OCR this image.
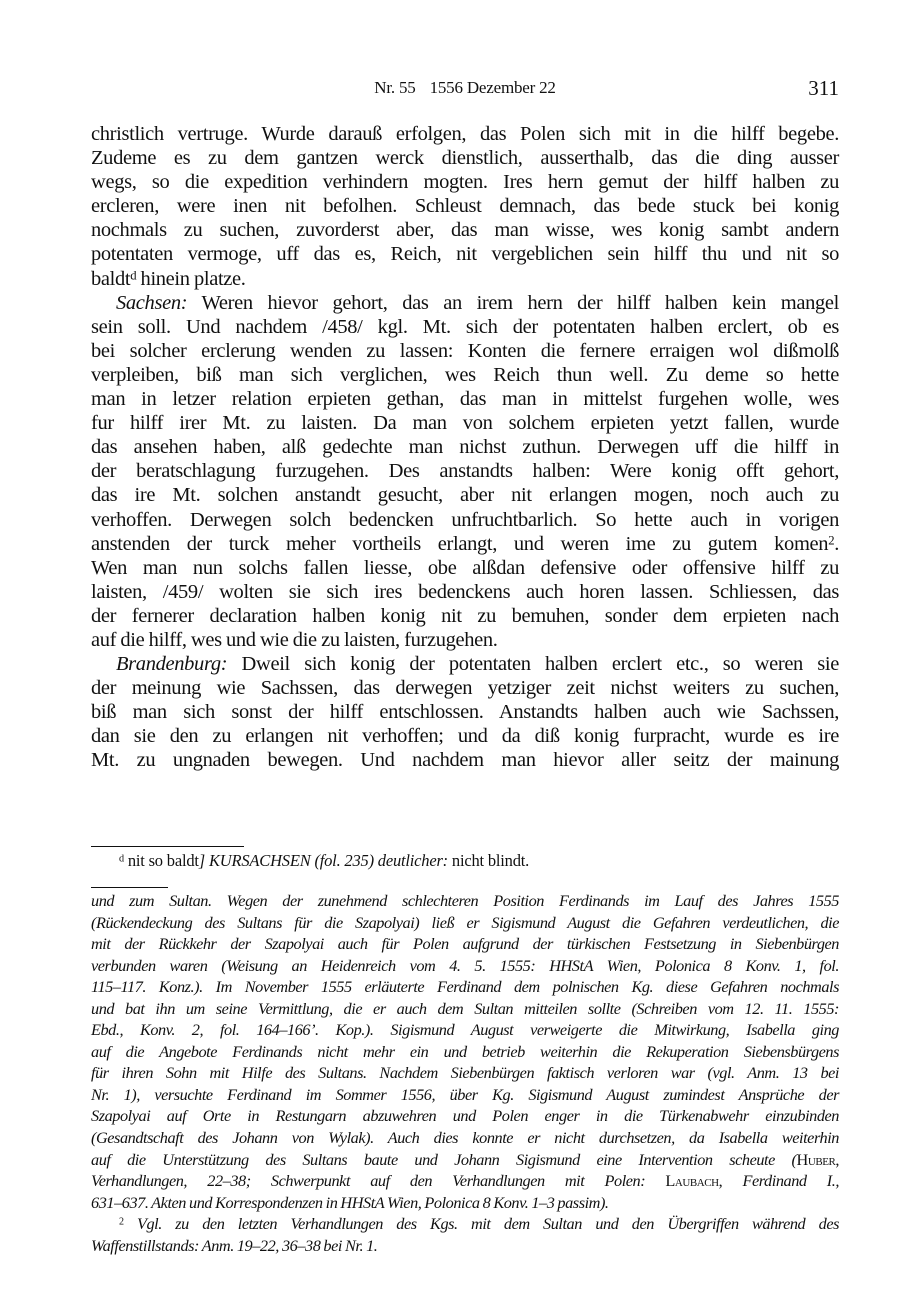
Nr. 55 1556 Dezember 22	311
christlich vertruge. Wurde darauß erfolgen, das Polen sich mit in die hilff begebe.
Zudeme es zu dem gantzen werck dienstlich, ausserthalb, das die ding ausser
wegs, so die expedition verhindern mogten. Ires hern gemut der hilff halben zu
ercleren, were inen nit befolhen. Schleust demnach, das bede stuck bei konig
nochmals zu suchen, zuvorderst aber, das man wisse, wes konig sambt andern
potentaten vermoge, uff das es, Reich, nit vergeblichen sein hilff thu und nit so
baldt$^d$ hinein platze.
Sachsen: Weren hievor gehort, das an irem hern der hilff halben kein mangel
sein soll. Und nachdem /458/ kgl. Mt. sich der potentaten halben erclert, ob es
bei solcher erclerung wenden zu lassen: Konten die fernere erraigen wol dißmolß
verpleiben, biß man sich verglichen, wes Reich thun well. Zu deme so hette
man in letzer relation erpieten gethan, das man in mittelst furgehen wolle, wes
fur hilff irer Mt. zu laisten. Da man von solchem erpieten yetzt fallen, wurde
das ansehen haben, alß gedechte man nichst zuthun. Derwegen uff die hilff in
der beratschlagung furzugehen. Des anstandts halben: Were konig offt gehort,
das ire Mt. solchen anstandt gesucht, aber nit erlangen mogen, noch auch zu
verhoffen. Derwegen solch bedencken unfruchtbarlich. So hette auch in vorigen
anstenden der turck meher vortheils erlangt, und weren ime zu gutem komen$^2$.
Wen man nun solchs fallen liesse, obe alßdan defensive oder offensive hilff zu
laisten, /459/ wolten sie sich ires bedenckens auch horen lassen. Schliessen, das
der fernerer declaration halben konig nit zu bemuhen, sonder dem erpieten nach
auf die hilff, wes und wie die zu laisten, furzugehen.
Brandenburg: Dweil sich konig der potentaten halben erclert etc., so weren sie
der meinung wie Sachssen, das derwegen yetziger zeit nichst weiters zu suchen,
biß man sich sonst der hilff entschlossen. Anstandts halben auch wie Sachssen,
dan sie den zu erlangen nit verhoffen; und da diß konig furpracht, wurde es ire
Mt. zu ungnaden bewegen. Und nachdem man hievor aller seitz der mainung
$^d$ nit so baldt] KURSACHSEN (fol. 235) deutlicher: nicht blindt.
und zum Sultan. Wegen der zunehmend schlechteren Position Ferdinands im Lauf des Jahres 1555
(Rückendeckung des Sultans für die Szapolyai) ließ er Sigismund August die Gefahren verdeutlichen, die
mit der Rückkehr der Szapolyai auch für Polen aufgrund der türkischen Festsetzung in Siebenbürgen
verbunden waren (Weisung an Heidenreich vom 4. 5. 1555: HHStA Wien, Polonica 8 Konv. 1, fol.
115–117. Konz.). Im November 1555 erläuterte Ferdinand dem polnischen Kg. diese Gefahren nochmals
und bat ihn um seine Vermittlung, die er auch dem Sultan mitteilen sollte (Schreiben vom 12. 11. 1555:
Ebd., Konv. 2, fol. 164–166’. Kop.). Sigismund August verweigerte die Mitwirkung, Isabella ging
auf die Angebote Ferdinands nicht mehr ein und betrieb weiterhin die Rekuperation Siebensbürgens
für ihren Sohn mit Hilfe des Sultans. Nachdem Siebenbürgen faktisch verloren war (vgl. Anm. 13 bei
Nr. 1), versuchte Ferdinand im Sommer 1556, über Kg. Sigismund August zumindest Ansprüche der
Szapolyai auf Orte in Restungarn abzuwehren und Polen enger in die Türkenabwehr einzubinden
(Gesandtschaft des Johann von Wylak). Auch dies konnte er nicht durchsetzen, da Isabella weiterhin
auf die Unterstützung des Sultans baute und Johann Sigismund eine Intervention scheute (Huber,
Verhandlungen, 22–38; Schwerpunkt auf den Verhandlungen mit Polen: Laubach, Ferdinand I.,
631–637. Akten und Korrespondenzen in HHStA Wien, Polonica 8 Konv. 1–3 passim).
$^2$ Vgl. zu den letzten Verhandlungen des Kgs. mit dem Sultan und den Übergriffen während des
Waffenstillstands: Anm. 19–22, 36–38 bei Nr. 1.
